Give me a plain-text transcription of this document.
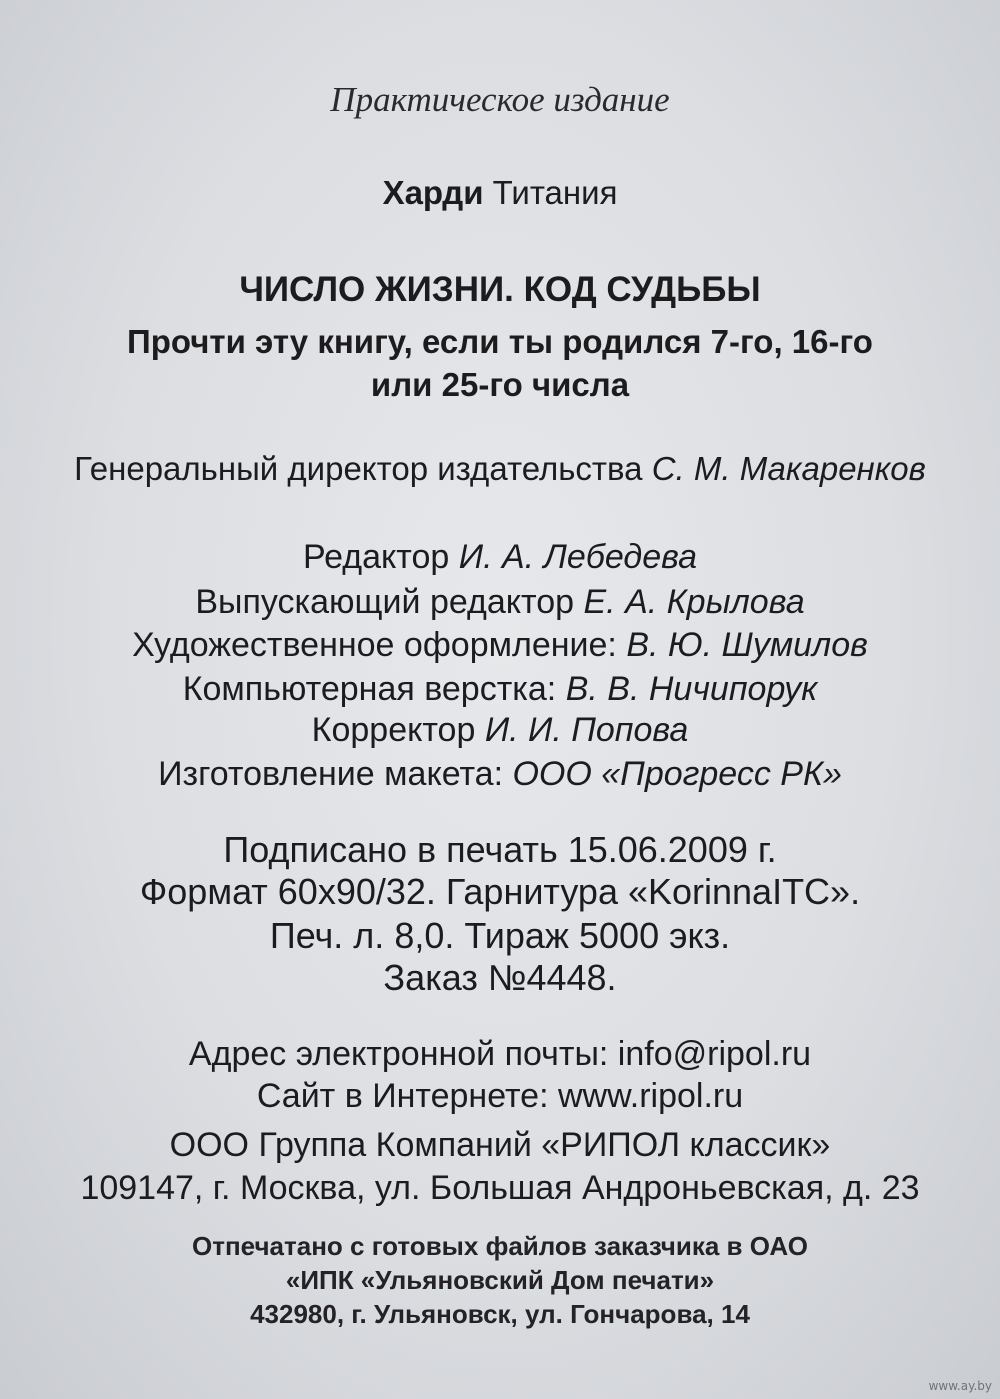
Практическое издание
Харди Титания
ЧИСЛО ЖИЗНИ. КОД СУДЬБЫ
Прочти эту книгу, если ты родился 7-го, 16-го
или 25-го числа
Генеральный директор издательства С. М. Макаренков
Редактор И. А. Лебедева
Выпускающий редактор Е. А. Крылова
Художественное оформление: В. Ю. Шумилов
Компьютерная верстка: В. В. Ничипорук
Корректор И. И. Попова
Изготовление макета: ООО «Прогресс РК»
Подписано в печать 15.06.2009 г.
Формат 60x90/32. Гарнитура «KorinnaITC».
Печ. л. 8,0. Тираж 5000 экз.
Заказ №4448.
Адрес электронной почты: info@ripol.ru
Сайт в Интернете: www.ripol.ru
ООО Группа Компаний «РИПОЛ классик»
109147, г. Москва, ул. Большая Андроньевская, д. 23
Отпечатано с готовых файлов заказчика в ОАО
«ИПК «Ульяновский Дом печати»
432980, г. Ульяновск, ул. Гончарова, 14
www.ay.by
